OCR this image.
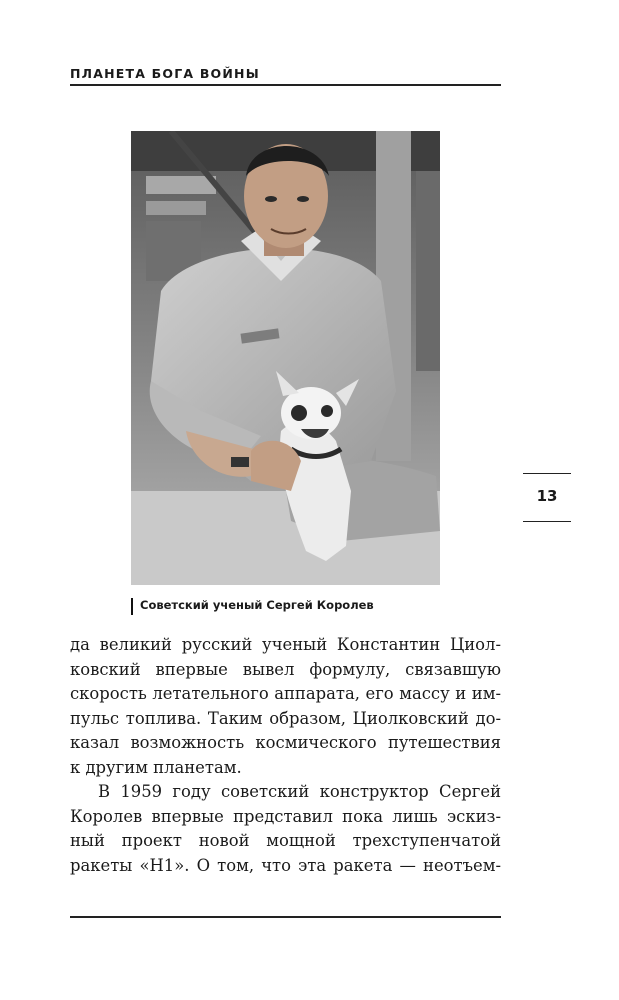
ПЛАНЕТА БОГА ВОЙНЫ
Советский ученый Сергей Королев
13
да великий русский ученый Константин Циол-
ковский впервые вывел формулу, связавшую
скорость летательного аппарата, его массу и им-
пульс топлива. Таким образом, Циолковский до-
казал возможность космического путешествия
к другим планетам.
В 1959 году советский конструктор Сергей
Королев впервые представил пока лишь эскиз-
ный проект новой мощной трехступенчатой
ракеты «Н1». О том, что эта ракета — неотъем-
